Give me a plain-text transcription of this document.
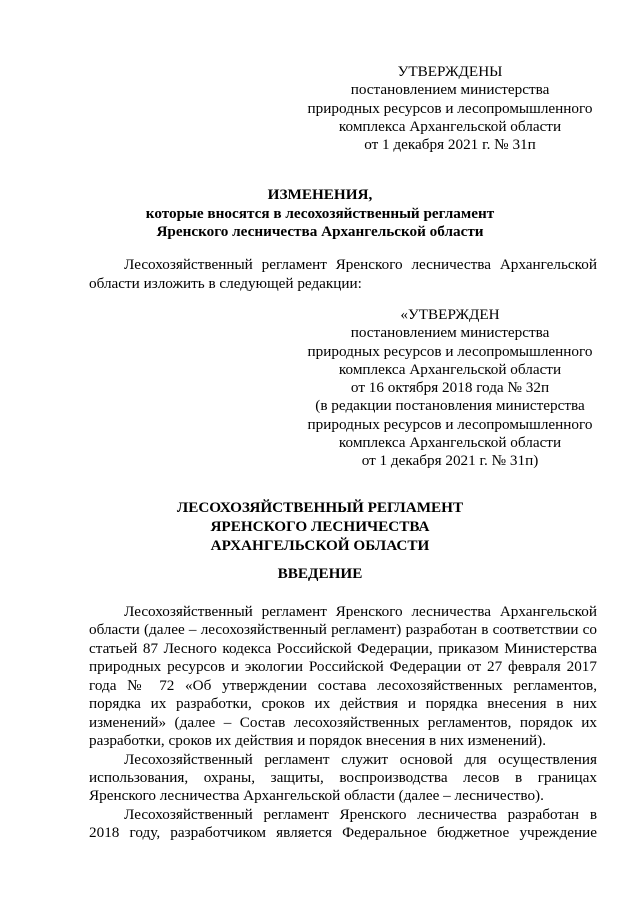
УТВЕРЖДЕНЫ
постановлением министерства
природных ресурсов и лесопромышленного
комплекса Архангельской области
от 1 декабря 2021 г. № 31п
ИЗМЕНЕНИЯ,
которые вносятся в лесохозяйственный регламент
Яренского лесничества Архангельской области
Лесохозяйственный регламент Яренского лесничества Архангельской
области изложить в следующей редакции:
«УТВЕРЖДЕН
постановлением министерства
природных ресурсов и лесопромышленного
комплекса Архангельской области
от 16 октября 2018 года № 32п
(в редакции постановления министерства
природных ресурсов и лесопромышленного
комплекса Архангельской области
от 1 декабря 2021 г. № 31п)
ЛЕСОХОЗЯЙСТВЕННЫЙ РЕГЛАМЕНТ
ЯРЕНСКОГО ЛЕСНИЧЕСТВА
АРХАНГЕЛЬСКОЙ ОБЛАСТИ
ВВЕДЕНИЕ
Лесохозяйственный регламент Яренского лесничества Архангельской
области (далее – лесохозяйственный регламент) разработан в соответствии со
статьей 87 Лесного кодекса Российской Федерации, приказом Министерства
природных ресурсов и экологии Российской Федерации от 27 февраля 2017
года № 72 «Об утверждении состава лесохозяйственных регламентов,
порядка их разработки, сроков их действия и порядка внесения в них
изменений» (далее – Состав лесохозяйственных регламентов, порядок их
разработки, сроков их действия и порядок внесения в них изменений).
Лесохозяйственный регламент служит основой для осуществления
использования, охраны, защиты, воспроизводства лесов в границах
Яренского лесничества Архангельской области (далее – лесничество).
Лесохозяйственный регламент Яренского лесничества разработан в
2018 году, разработчиком является Федеральное бюджетное учреждение
